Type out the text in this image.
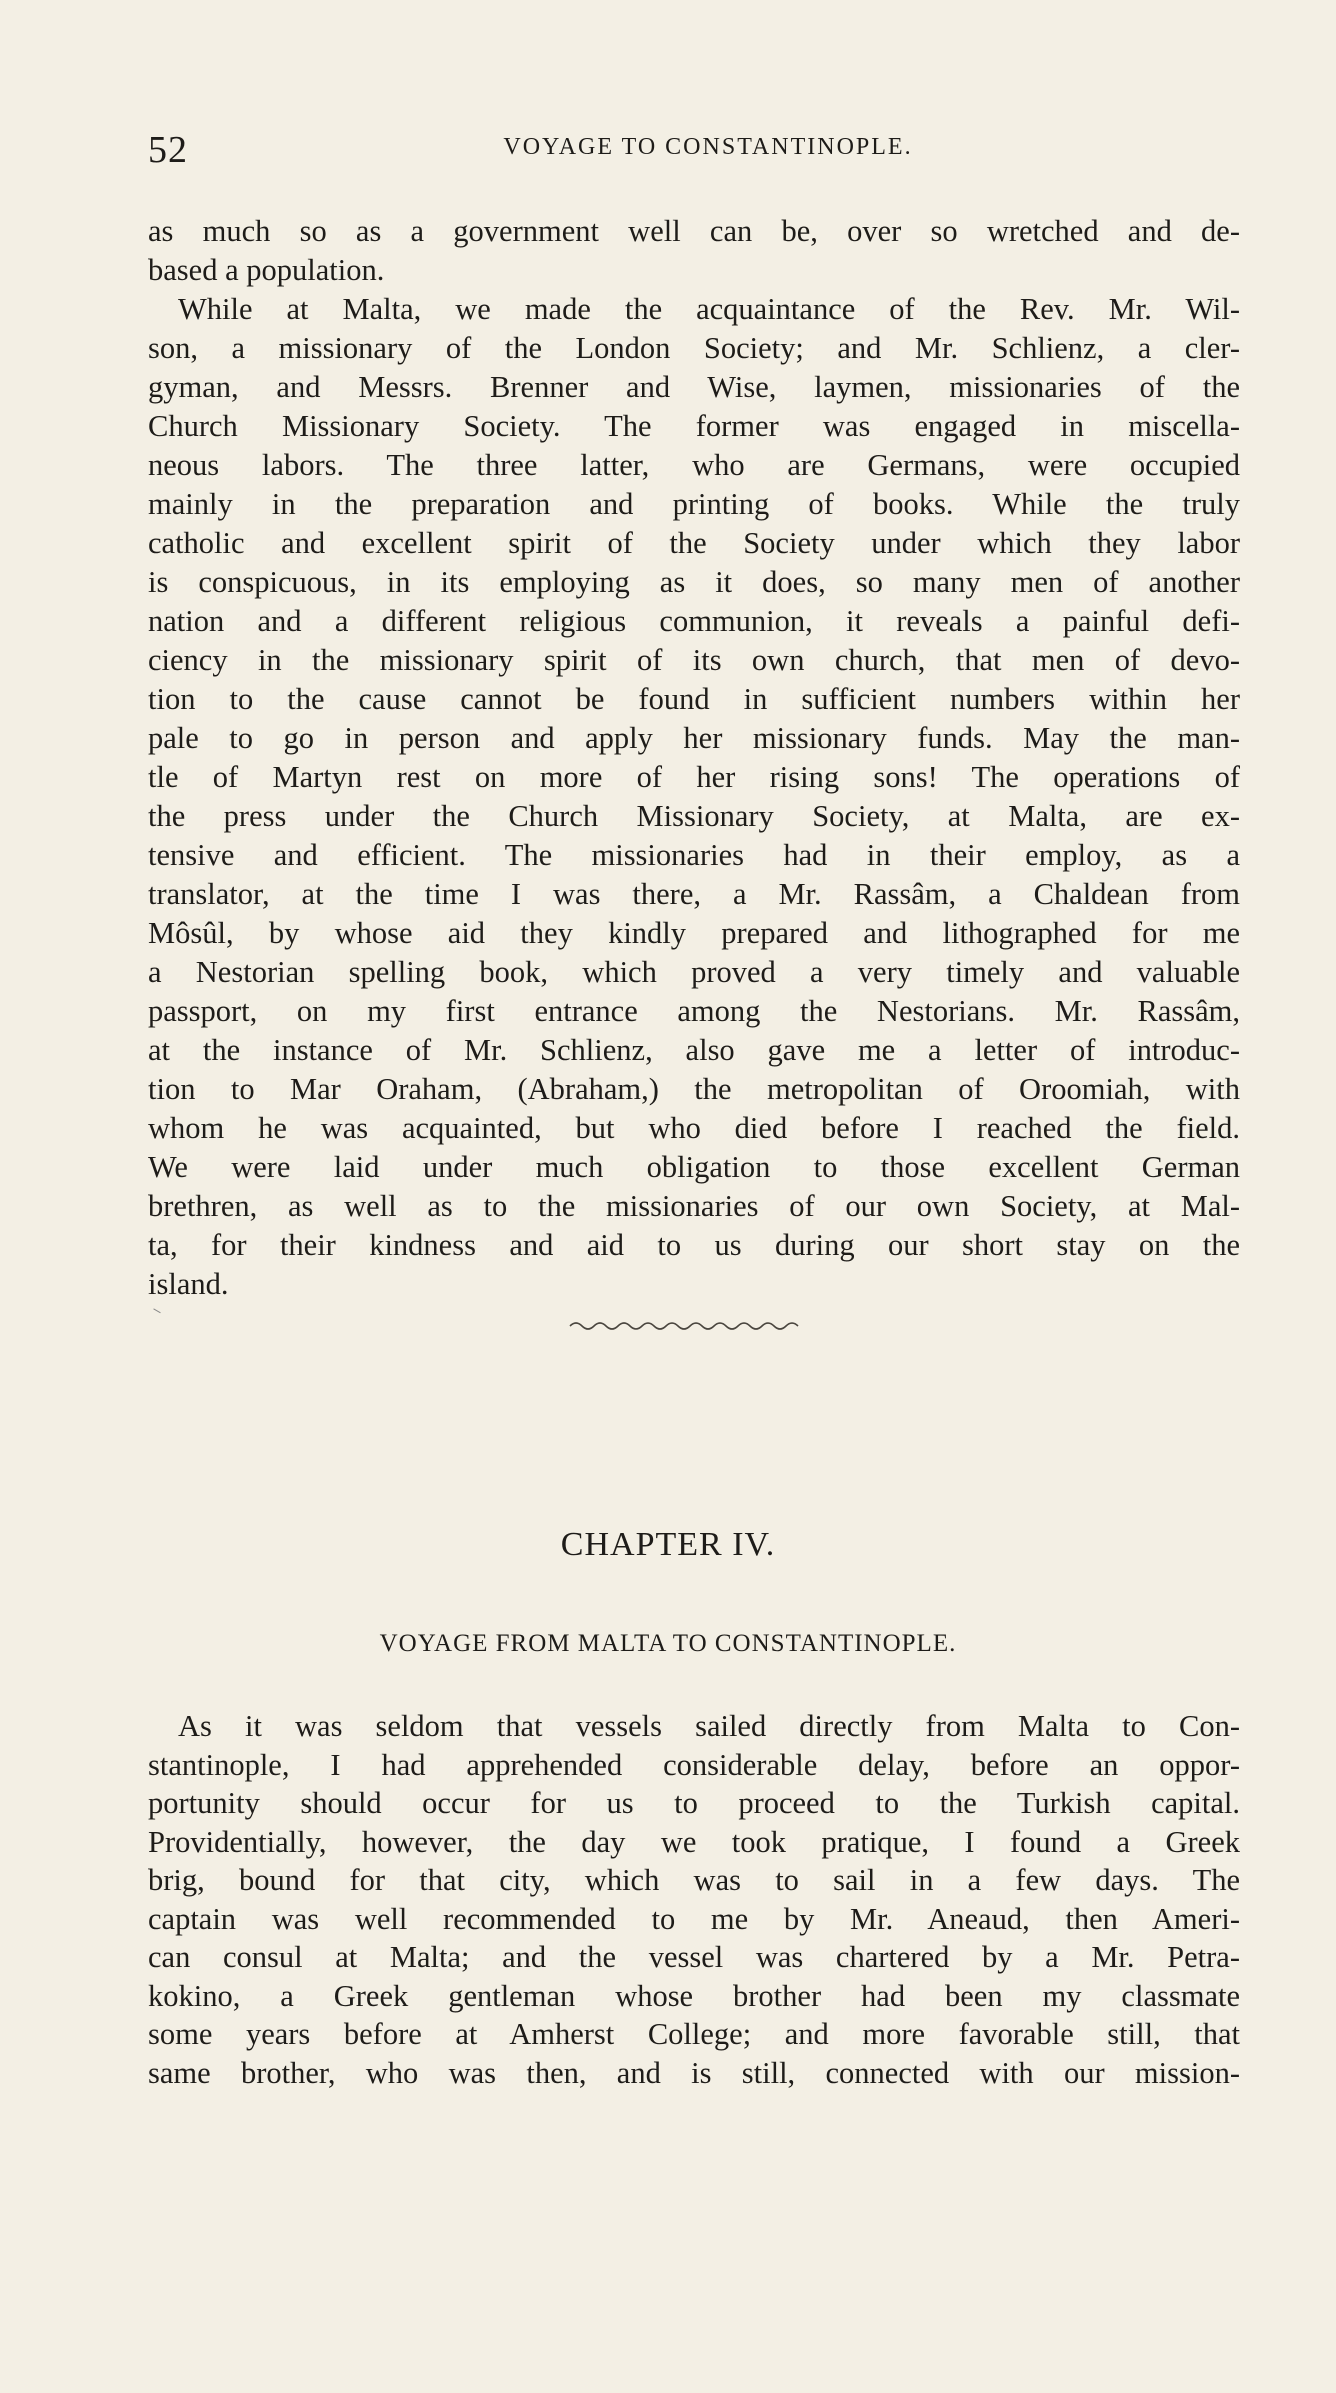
52	VOYAGE TO CONSTANTINOPLE.
as much so as a government well can be, over so wretched and de-
based a population.
While at Malta, we made the acquaintance of the Rev. Mr. Wil-
son, a missionary of the London Society; and Mr. Schlienz, a cler-
gyman, and Messrs. Brenner and Wise, laymen, missionaries of the
Church Missionary Society. The former was engaged in miscella-
neous labors. The three latter, who are Germans, were occupied
mainly in the preparation and printing of books. While the truly
catholic and excellent spirit of the Society under which they labor
is conspicuous, in its employing as it does, so many men of another
nation and a different religious communion, it reveals a painful defi-
ciency in the missionary spirit of its own church, that men of devo-
tion to the cause cannot be found in sufficient numbers within her
pale to go in person and apply her missionary funds. May the man-
tle of Martyn rest on more of her rising sons! The operations of
the press under the Church Missionary Society, at Malta, are ex-
tensive and efficient. The missionaries had in their employ, as a
translator, at the time I was there, a Mr. Rassâm, a Chaldean from
Môsûl, by whose aid they kindly prepared and lithographed for me
a Nestorian spelling book, which proved a very timely and valuable
passport, on my first entrance among the Nestorians. Mr. Rassâm,
at the instance of Mr. Schlienz, also gave me a letter of introduc-
tion to Mar Oraham, (Abraham,) the metropolitan of Oroomiah, with
whom he was acquainted, but who died before I reached the field.
We were laid under much obligation to those excellent German
brethren, as well as to the missionaries of our own Society, at Mal-
ta, for their kindness and aid to us during our short stay on the
island.
CHAPTER IV.
VOYAGE FROM MALTA TO CONSTANTINOPLE.
As it was seldom that vessels sailed directly from Malta to Con-
stantinople, I had apprehended considerable delay, before an oppor-
portunity should occur for us to proceed to the Turkish capital.
Providentially, however, the day we took pratique, I found a Greek
brig, bound for that city, which was to sail in a few days. The
captain was well recommended to me by Mr. Aneaud, then Ameri-
can consul at Malta; and the vessel was chartered by a Mr. Petra-
kokino, a Greek gentleman whose brother had been my classmate
some years before at Amherst College; and more favorable still, that
same brother, who was then, and is still, connected with our mission-
